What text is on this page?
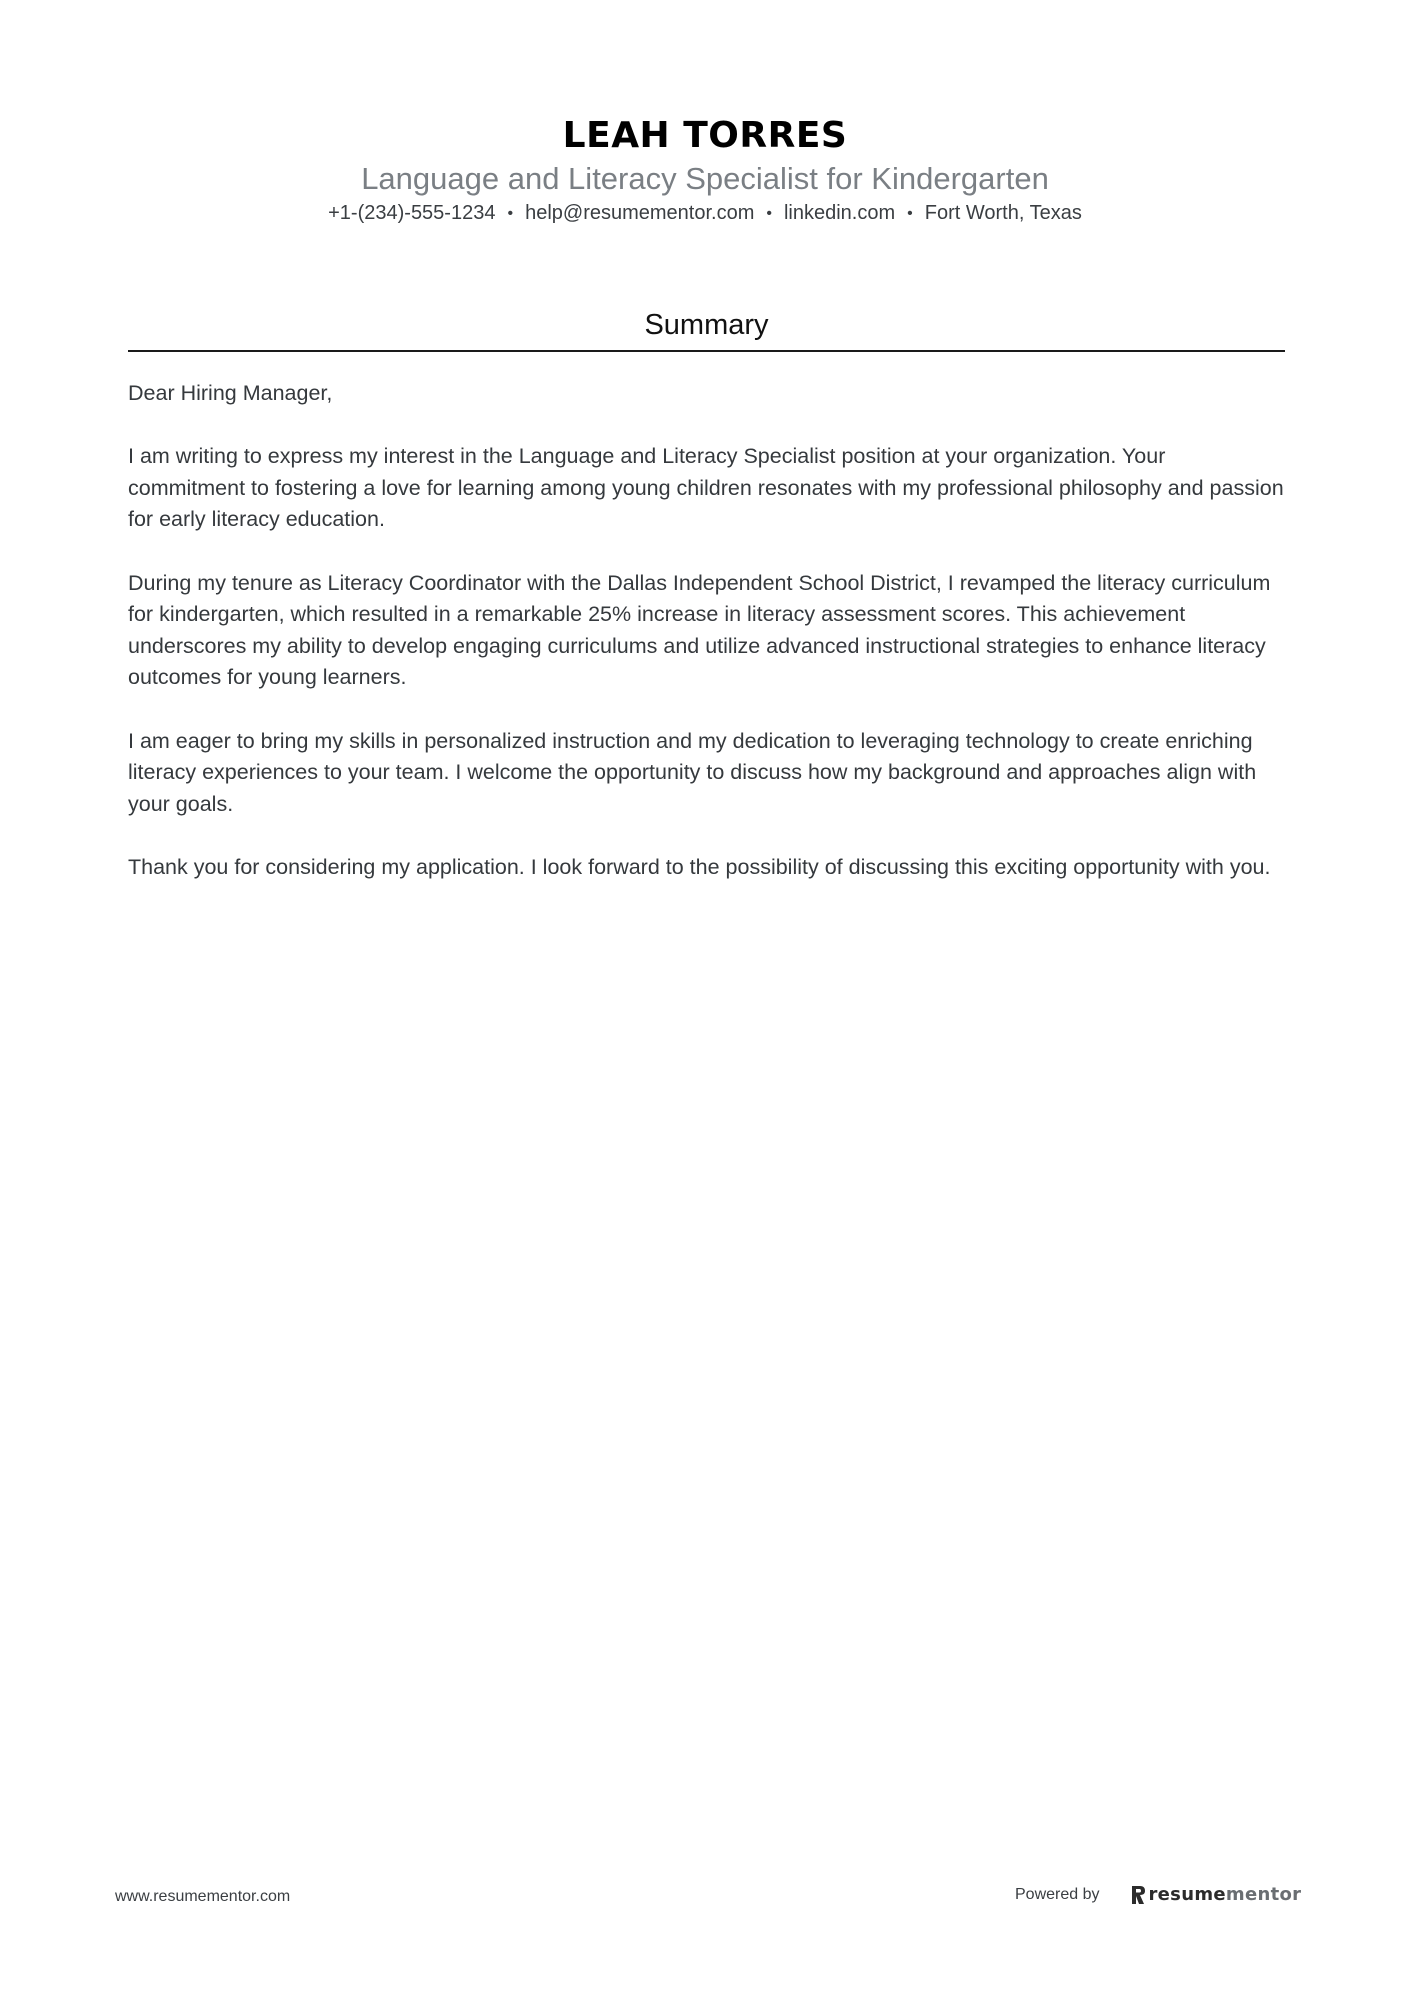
LEAH TORRES

Language and Literacy Specialist for Kindergarten

+1-(234)-555-1234 • help@resumementor.com • linkedin.com • Fort Worth, Texas

Summary

Dear Hiring Manager,

I am writing to express my interest in the Language and Literacy Specialist position at your organization. Your commitment to fostering a love for learning among young children resonates with my professional philosophy and passion for early literacy education.

During my tenure as Literacy Coordinator with the Dallas Independent School District, I revamped the literacy curriculum for kindergarten, which resulted in a remarkable 25% increase in literacy assessment scores. This achievement underscores my ability to develop engaging curriculums and utilize advanced instructional strategies to enhance literacy outcomes for young learners.

I am eager to bring my skills in personalized instruction and my dedication to leveraging technology to create enriching literacy experiences to your team. I welcome the opportunity to discuss how my background and approaches align with your goals.

Thank you for considering my application. I look forward to the possibility of discussing this exciting opportunity with you.

www.resumementor.com	Powered by	resumementor
